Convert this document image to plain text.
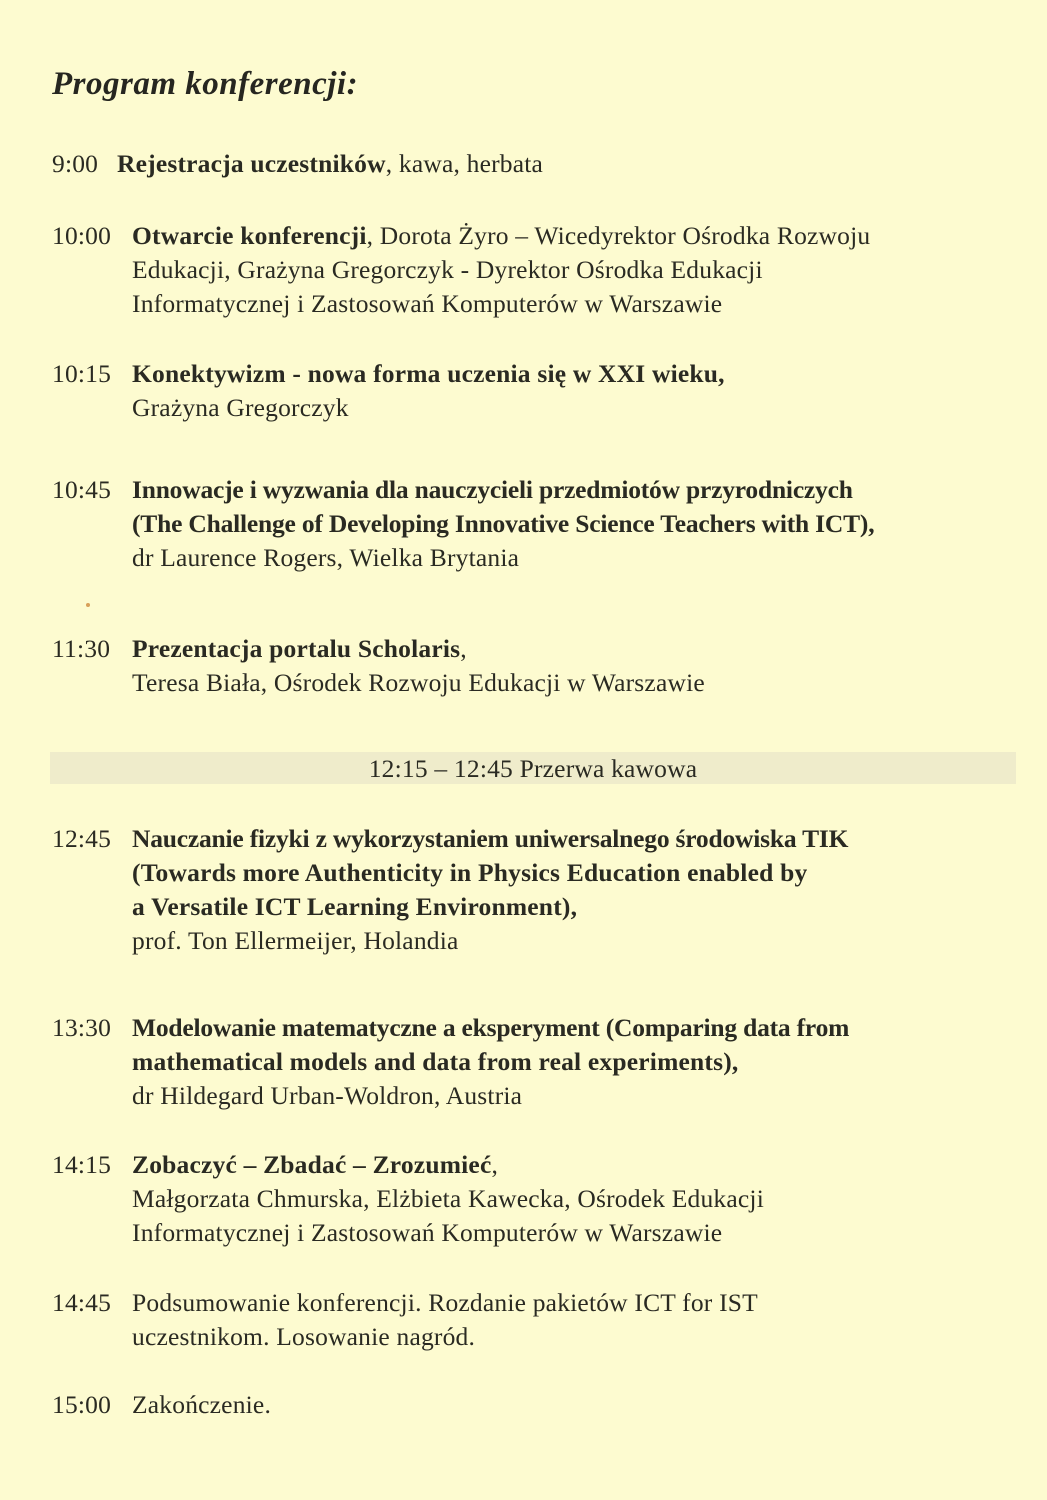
Program konferencji:
9:00 Rejestracja uczestników, kawa, herbata
10:00 Otwarcie konferencji, Dorota Żyro – Wicedyrektor Ośrodka Rozwoju
Edukacji, Grażyna Gregorczyk - Dyrektor Ośrodka Edukacji
Informatycznej i Zastosowań Komputerów w Warszawie
10:15 Konektywizm - nowa forma uczenia się w XXI wieku,
Grażyna Gregorczyk
10:45 Innowacje i wyzwania dla nauczycieli przedmiotów przyrodniczych
(The Challenge of Developing Innovative Science Teachers with ICT),
dr Laurence Rogers, Wielka Brytania
11:30 Prezentacja portalu Scholaris,
Teresa Biała, Ośrodek Rozwoju Edukacji w Warszawie
12:45 Nauczanie fizyki z wykorzystaniem uniwersalnego środowiska TIK
(Towards more Authenticity in Physics Education enabled by
a Versatile ICT Learning Environment),
prof. Ton Ellermeijer, Holandia
13:30 Modelowanie matematyczne a eksperyment (Comparing data from
mathematical models and data from real experiments),
dr Hildegard Urban-Woldron, Austria
14:15 Zobaczyć – Zbadać – Zrozumieć,
Małgorzata Chmurska, Elżbieta Kawecka, Ośrodek Edukacji
Informatycznej i Zastosowań Komputerów w Warszawie
14:45 Podsumowanie konferencji. Rozdanie pakietów ICT for IST
uczestnikom. Losowanie nagród.
15:00 Zakończenie.
12:15 – 12:45 Przerwa kawowa
